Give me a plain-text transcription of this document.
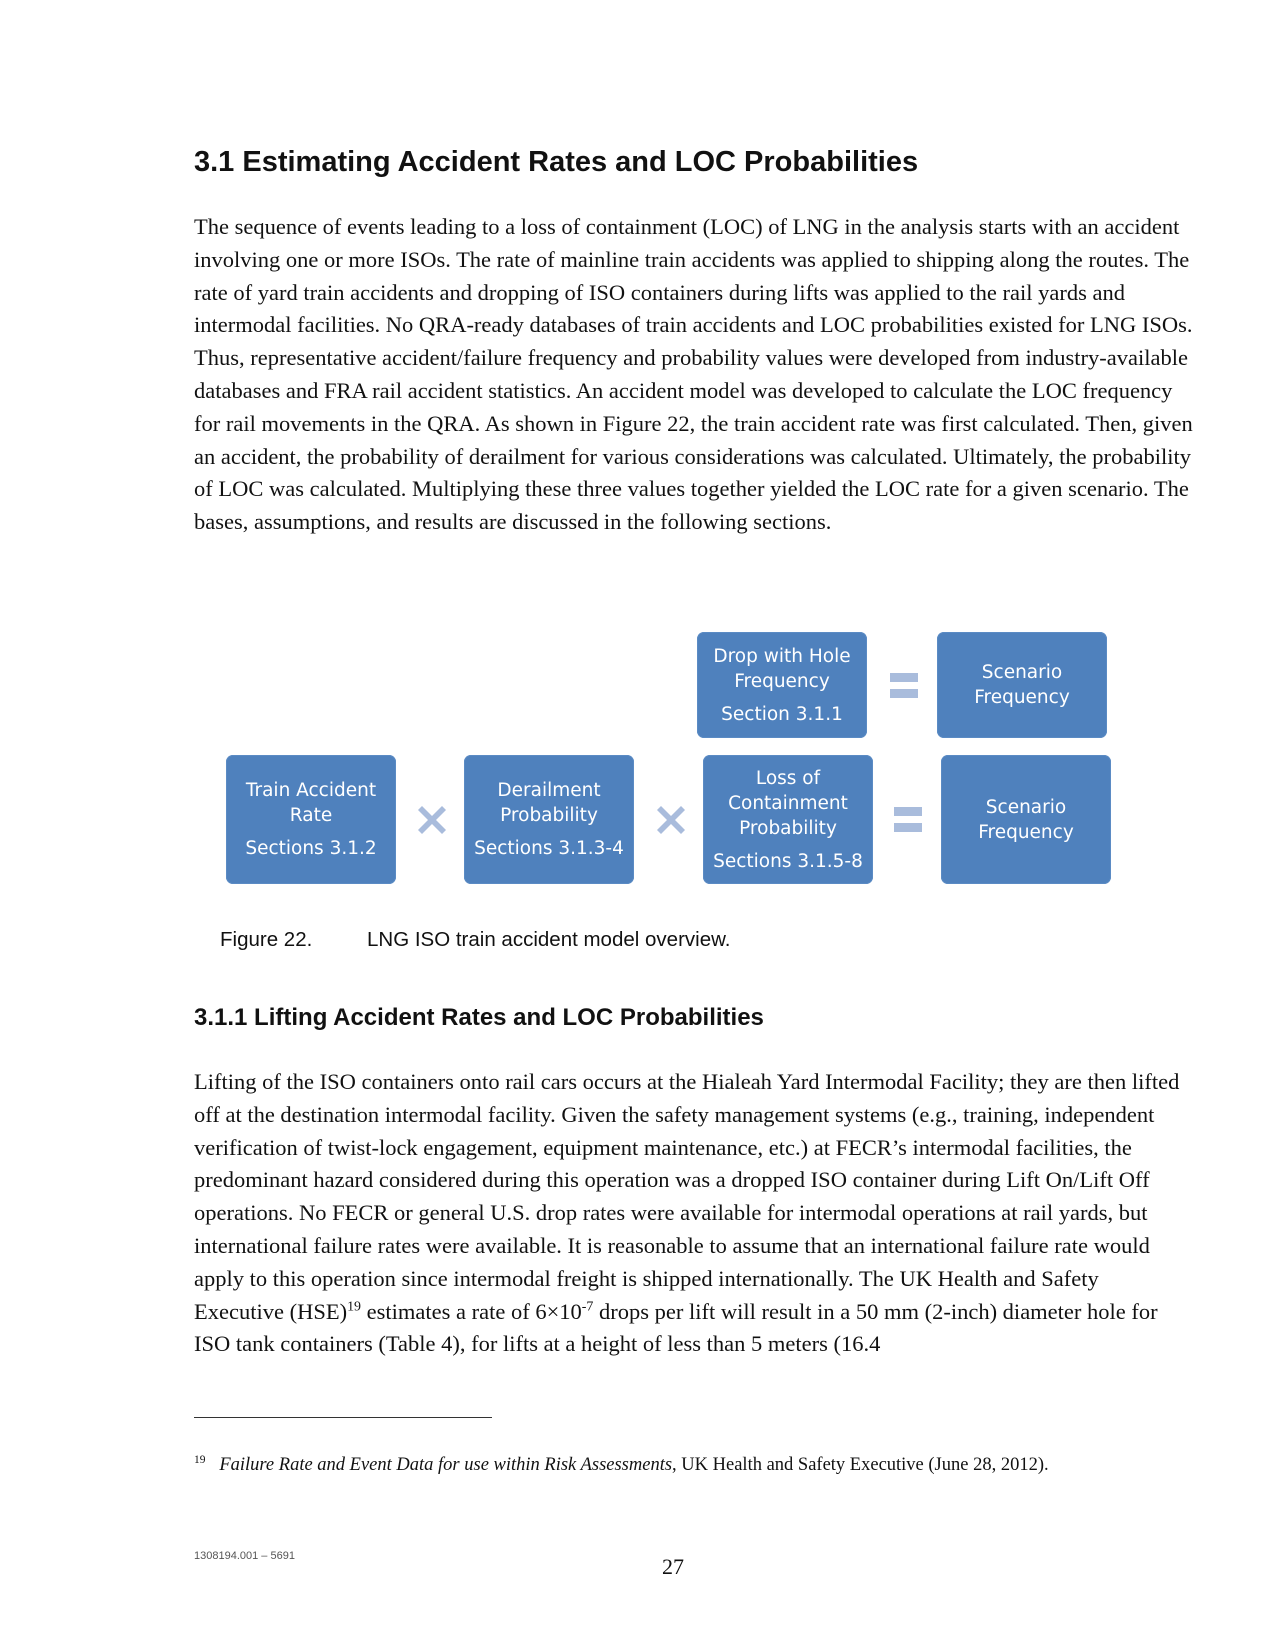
3.1 Estimating Accident Rates and LOC Probabilities

The sequence of events leading to a loss of containment (LOC) of LNG in the analysis starts with an accident involving one or more ISOs. The rate of mainline train accidents was applied to shipping along the routes. The rate of yard train accidents and dropping of ISO containers during lifts was applied to the rail yards and intermodal facilities. No QRA-ready databases of train accidents and LOC probabilities existed for LNG ISOs. Thus, representative accident/failure frequency and probability values were developed from industry-available databases and FRA rail accident statistics. An accident model was developed to calculate the LOC frequency for rail movements in the QRA. As shown in Figure 22, the train accident rate was first calculated. Then, given an accident, the probability of derailment for various considerations was calculated. Ultimately, the probability of LOC was calculated. Multiplying these three values together yielded the LOC rate for a given scenario. The bases, assumptions, and results are discussed in the following sections.

Drop with Hole Frequency
Section 3.1.1
Scenario Frequency
Train Accident Rate
Sections 3.1.2
Derailment Probability
Sections 3.1.3-4
Loss of Containment Probability
Sections 3.1.5-8
Scenario Frequency
Figure 22.	LNG ISO train accident model overview.
3.1.1 Lifting Accident Rates and LOC Probabilities

Lifting of the ISO containers onto rail cars occurs at the Hialeah Yard Intermodal Facility; they are then lifted off at the destination intermodal facility. Given the safety management systems (e.g., training, independent verification of twist-lock engagement, equipment maintenance, etc.) at FECR’s intermodal facilities, the predominant hazard considered during this operation was a dropped ISO container during Lift On/Lift Off operations. No FECR or general U.S. drop rates were available for intermodal operations at rail yards, but international failure rates were available. It is reasonable to assume that an international failure rate would apply to this operation since intermodal freight is shipped internationally. The UK Health and Safety Executive (HSE)$^{19}$ estimates a rate of $6\times 10^{-7}$ drops per lift will result in a 50 mm (2-inch) diameter hole for ISO tank containers (Table 4), for lifts at a height of less than 5 meters (16.4

$^{19}$ Failure Rate and Event Data for use within Risk Assessments, UK Health and Safety Executive (June 28, 2012).
1308194.001 – 5691	27
